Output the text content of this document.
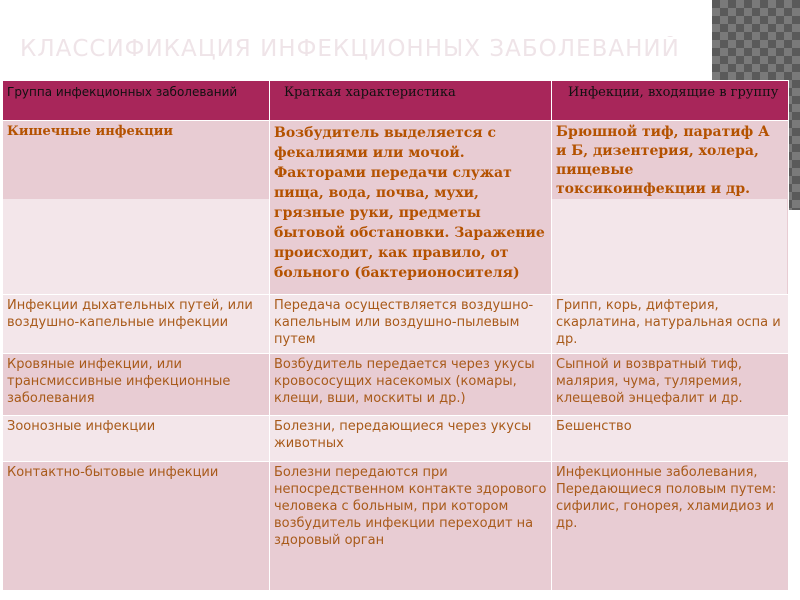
КЛАССИФИКАЦИЯ ИНФЕКЦИОННЫХ ЗАБОЛЕВАНИЙ
Группа инфекционных заболеваний	Краткая характеристика	Инфекции, входящие в группу

Кишечные инфекции	Возбудитель выделяется с фекалиями или мочой. Факторами передачи служат пища, вода, почва, мухи, грязные руки, предметы бытовой обстановки. Заражение происходит, как правило, от больного (бактерионосителя)	Брюшной тиф, паратиф А и Б, дизентерия, холера, пищевые токсикоинфекции и др.
Инфекции дыхательных путей, или воздушно-капельные инфекции	Передача осуществляется воздушно-капельным или воздушно-пылевым путем	Грипп, корь, дифтерия, скарлатина, натуральная оспа и др.
Кровяные инфекции, или трансмиссивные инфекционные заболевания	Возбудитель передается через укусы кровососущих насекомых (комары, клещи, вши, москиты и др.)	Сыпной и возвратный тиф, малярия, чума, туляремия, клещевой энцефалит и др.
Зоонозные инфекции	Болезни, передающиеся через укусы животных	Бешенство
Контактно-бытовые инфекции	Болезни передаются при непосредственном контакте здорового человека с больным, при котором возбудитель инфекции переходит на здоровый орган	Инфекционные заболевания, Передающиеся половым путем: сифилис, гонорея, хламидиоз и др.
